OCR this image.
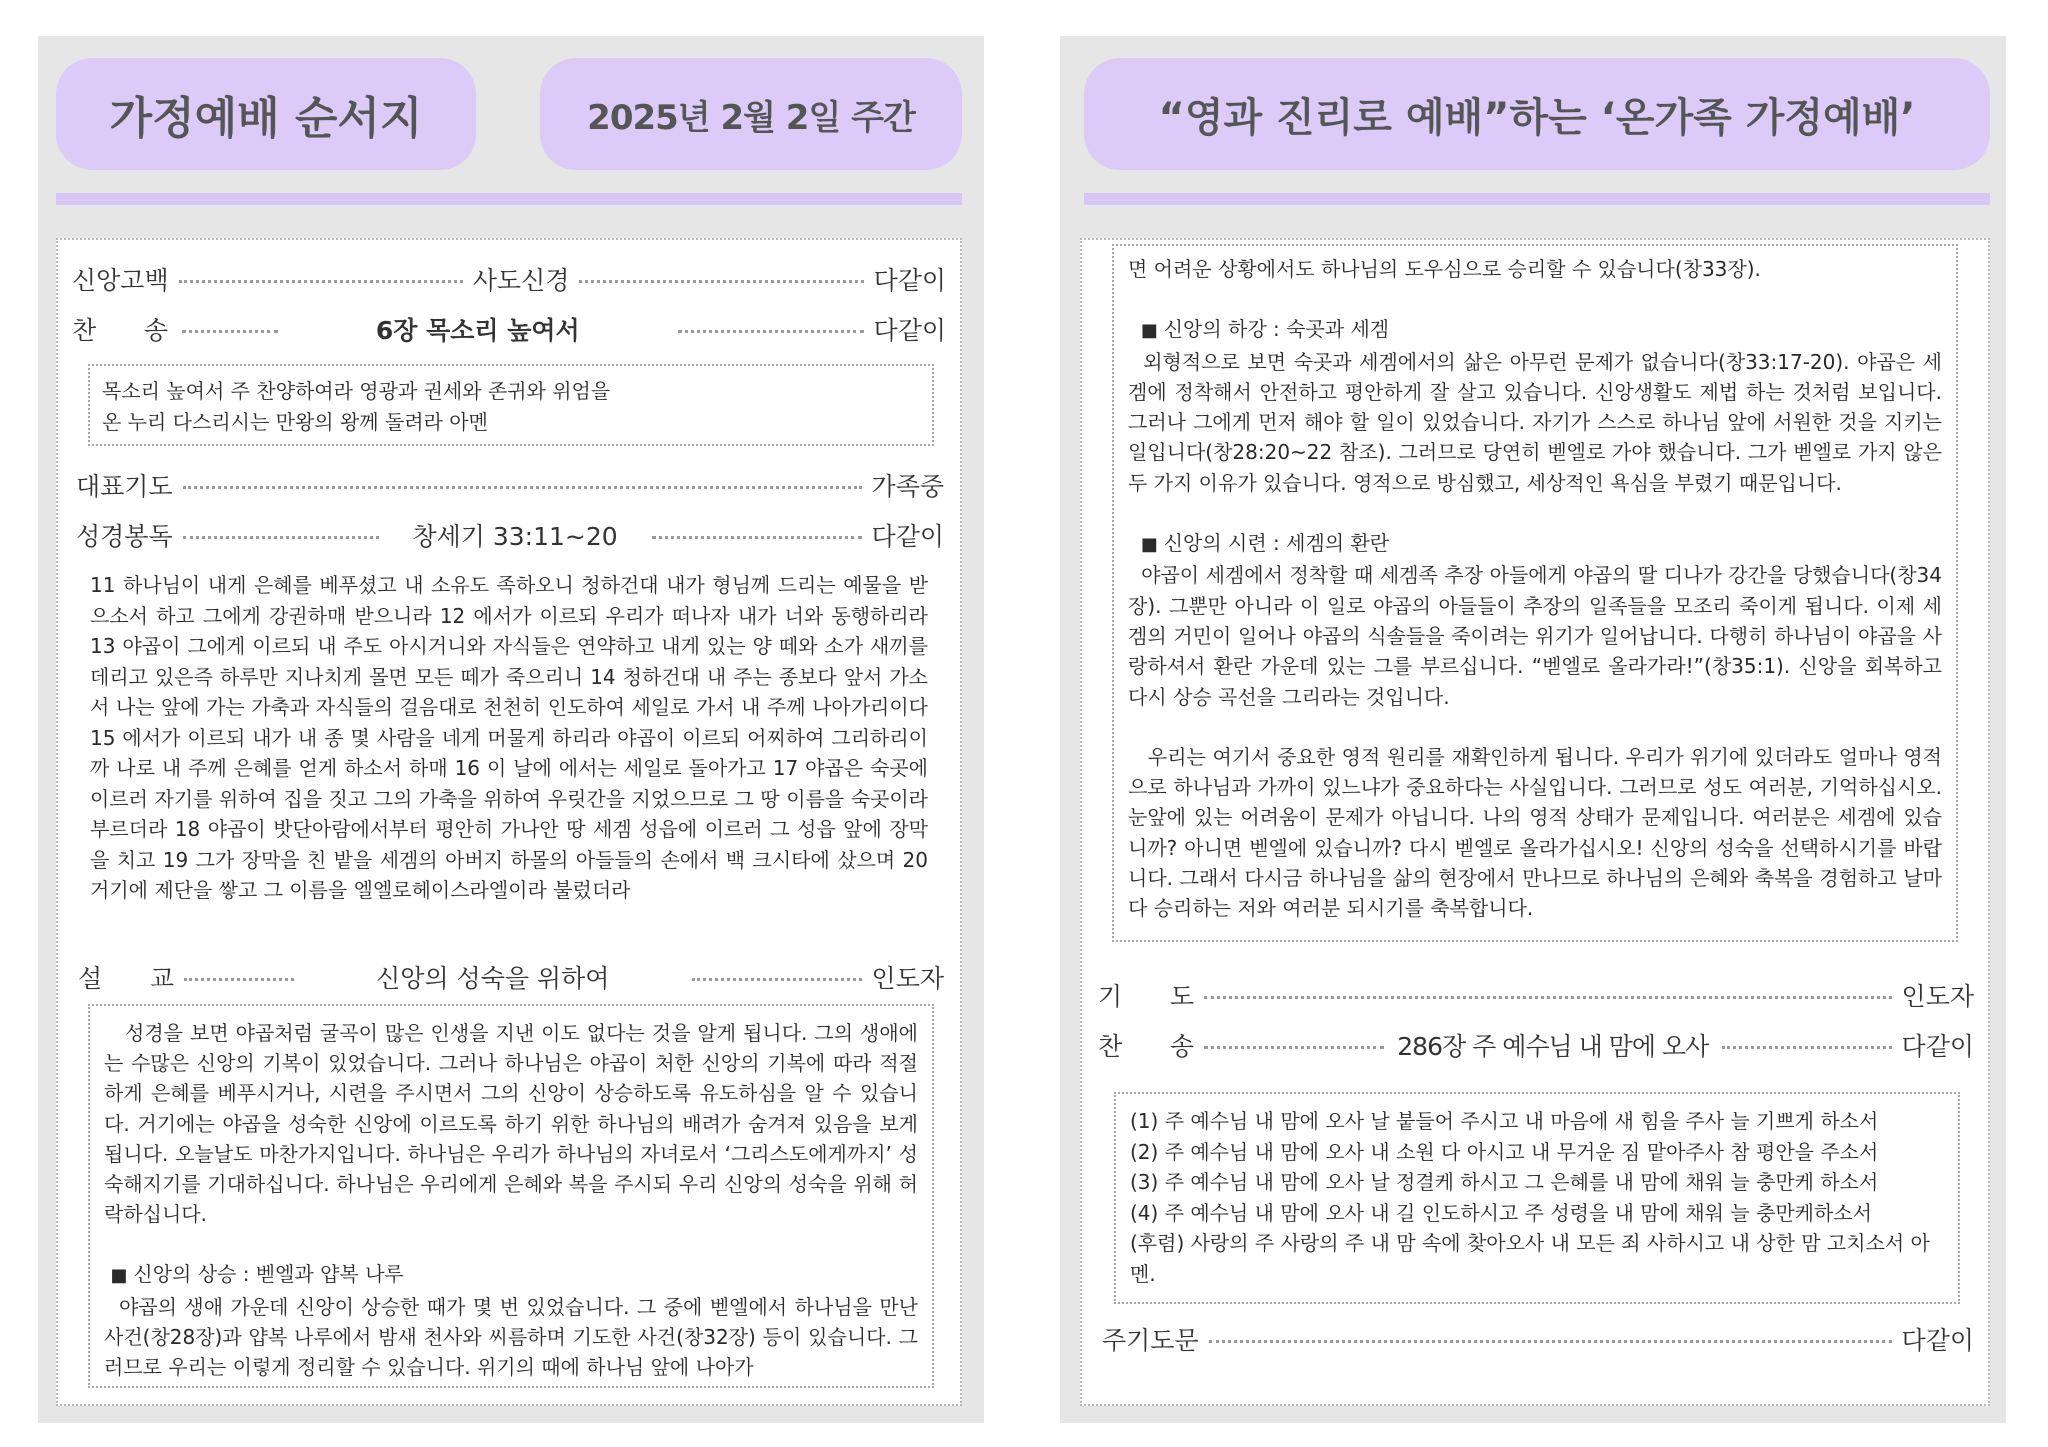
가정예배 순서지	2025년 2월 2일 주간
신앙고백	사도신경	다같이
찬      송	6장 목소리 높여서	다같이
목소리 높여서 주 찬양하여라 영광과 권세와 존귀와 위엄을
온 누리 다스리시는 만왕의 왕께 돌려라 아멘
대표기도	가족중
성경봉독	창세기 33:11~20	다같이
11 하나님이 내게 은혜를 베푸셨고 내 소유도 족하오니 청하건대 내가 형님께 드리는 예물을 받으소서 하고 그에게 강권하매 받으니라 12 에서가 이르되 우리가 떠나자 내가 너와 동행하리라 13 야곱이 그에게 이르되 내 주도 아시거니와 자식들은 연약하고 내게 있는 양 떼와 소가 새끼를 데리고 있은즉 하루만 지나치게 몰면 모든 떼가 죽으리니 14 청하건대 내 주는 종보다 앞서 가소서 나는 앞에 가는 가축과 자식들의 걸음대로 천천히 인도하여 세일로 가서 내 주께 나아가리이다 15 에서가 이르되 내가 내 종 몇 사람을 네게 머물게 하리라 야곱이 이르되 어찌하여 그리하리이까 나로 내 주께 은혜를 얻게 하소서 하매 16 이 날에 에서는 세일로 돌아가고 17 야곱은 숙곳에 이르러 자기를 위하여 집을 짓고 그의 가축을 위하여 우릿간을 지었으므로 그 땅 이름을 숙곳이라 부르더라 18 야곱이 밧단아람에서부터 평안히 가나안 땅 세겜 성읍에 이르러 그 성읍 앞에 장막을 치고 19 그가 장막을 친 밭을 세겜의 아버지 하몰의 아들들의 손에서 백 크시타에 샀으며 20 거기에 제단을 쌓고 그 이름을 엘엘로헤이스라엘이라 불렀더라
설      교	신앙의 성숙을 위하여	인도자
성경을 보면 야곱처럼 굴곡이 많은 인생을 지낸 이도 없다는 것을 알게 됩니다. 그의 생애에는 수많은 신앙의 기복이 있었습니다. 그러나 하나님은 야곱이 처한 신앙의 기복에 따라 적절하게 은혜를 베푸시거나, 시련을 주시면서 그의 신앙이 상승하도록 유도하심을 알 수 있습니다. 거기에는 야곱을 성숙한 신앙에 이르도록 하기 위한 하나님의 배려가 숨겨져 있음을 보게 됩니다. 오늘날도 마찬가지입니다. 하나님은 우리가 하나님의 자녀로서 ‘그리스도에게까지’ 성숙해지기를 기대하십니다. 하나님은 우리에게 은혜와 복을 주시되 우리 신앙의 성숙을 위해 허락하십니다.
■ 신앙의 상승 : 벧엘과 얍복 나루
야곱의 생애 가운데 신앙이 상승한 때가 몇 번 있었습니다. 그 중에 벧엘에서 하나님을 만난 사건(창28장)과 얍복 나루에서 밤새 천사와 씨름하며 기도한 사건(창32장) 등이 있습니다. 그러므로 우리는 이렇게 정리할 수 있습니다. 위기의 때에 하나님 앞에 나아가
“영과 진리로 예배”하는 ‘온가족 가정예배’
면 어려운 상황에서도 하나님의 도우심으로 승리할 수 있습니다(창33장).
■ 신앙의 하강 : 숙곳과 세겜
외형적으로 보면 숙곳과 세겜에서의 삶은 아무런 문제가 없습니다(창33:17-20). 야곱은 세겜에 정착해서 안전하고 평안하게 잘 살고 있습니다. 신앙생활도 제법 하는 것처럼 보입니다. 그러나 그에게 먼저 해야 할 일이 있었습니다. 자기가 스스로 하나님 앞에 서원한 것을 지키는 일입니다(창28:20~22 참조). 그러므로 당연히 벧엘로 가야 했습니다. 그가 벧엘로 가지 않은 두 가지 이유가 있습니다. 영적으로 방심했고, 세상적인 욕심을 부렸기 때문입니다.
■ 신앙의 시련 : 세겜의 환란
야곱이 세겜에서 정착할 때 세겜족 추장 아들에게 야곱의 딸 디나가 강간을 당했습니다(창34장). 그뿐만 아니라 이 일로 야곱의 아들들이 추장의 일족들을 모조리 죽이게 됩니다. 이제 세겜의 거민이 일어나 야곱의 식솔들을 죽이려는 위기가 일어납니다. 다행히 하나님이 야곱을 사랑하셔서 환란 가운데 있는 그를 부르십니다. “벧엘로 올라가라!”(창35:1). 신앙을 회복하고 다시 상승 곡선을 그리라는 것입니다.
우리는 여기서 중요한 영적 원리를 재확인하게 됩니다. 우리가 위기에 있더라도 얼마나 영적으로 하나님과 가까이 있느냐가 중요하다는 사실입니다. 그러므로 성도 여러분, 기억하십시오. 눈앞에 있는 어려움이 문제가 아닙니다. 나의 영적 상태가 문제입니다. 여러분은 세겜에 있습니까? 아니면 벧엘에 있습니까? 다시 벧엘로 올라가십시오! 신앙의 성숙을 선택하시기를 바랍니다. 그래서 다시금 하나님을 삶의 현장에서 만나므로 하나님의 은혜와 축복을 경험하고 날마다 승리하는 저와 여러분 되시기를 축복합니다.
기      도	인도자
찬      송	286장 주 예수님 내 맘에 오사	다같이
(1) 주 예수님 내 맘에 오사 날 붙들어 주시고 내 마음에 새 힘을 주사 늘 기쁘게 하소서
(2) 주 예수님 내 맘에 오사 내 소원 다 아시고 내 무거운 짐 맡아주사 참 평안을 주소서
(3) 주 예수님 내 맘에 오사 날 정결케 하시고 그 은혜를 내 맘에 채워 늘 충만케 하소서
(4) 주 예수님 내 맘에 오사 내 길 인도하시고 주 성령을 내 맘에 채워 늘 충만케하소서
(후렴) 사랑의 주 사랑의 주 내 맘 속에 찾아오사 내 모든 죄 사하시고 내 상한 맘 고치소서 아멘.
주기도문	다같이
